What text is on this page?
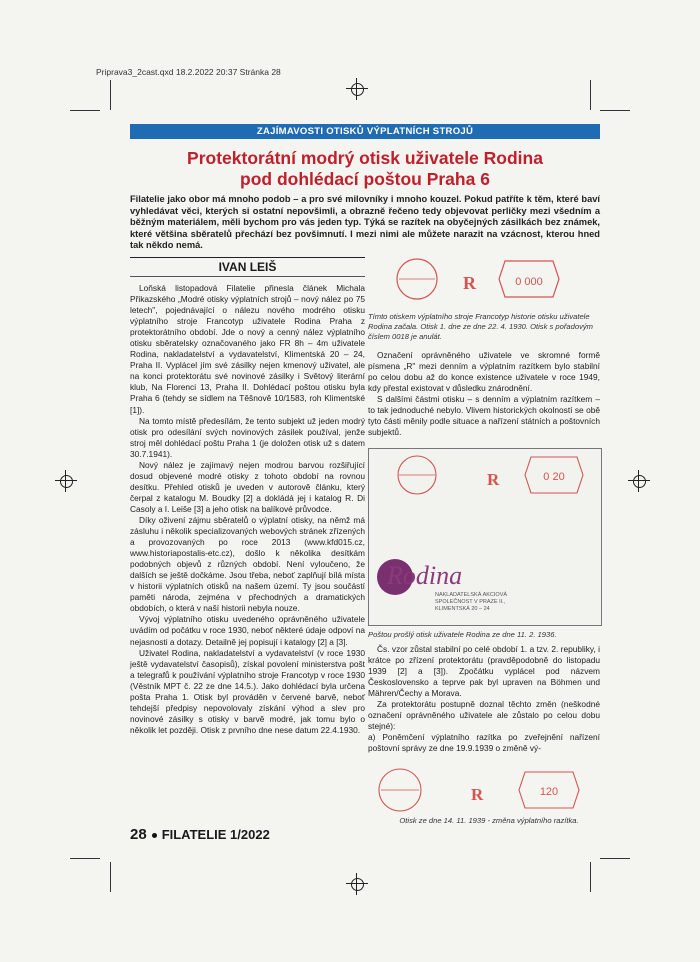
Priprava3_2cast.qxd 18.2.2022 20:37 Stránka 28
ZAJÍMAVOSTI OTISKŮ VÝPLATNÍCH STROJŮ
Protektorátní modrý otisk uživatele Rodina
pod dohlédací poštou Praha 6
Filatelie jako obor má mnoho podob – a pro své milovníky i mnoho kouzel. Pokud patříte k těm, které baví vyhledávat věci, kterých si ostatní nepovšimli, a obrazně řečeno tedy objevovat perličky mezi všedním a běžným materiálem, měli bychom pro vás jeden typ. Týká se razítek na obyčejných zásilkách bez známek, které většina sběratelů přechází bez povšimnutí. I mezi nimi ale můžete narazit na vzácnost, kterou hned tak někdo nemá.
IVAN LEIŠ

Loňská listopadová Filatelie přinesla článek Michala Přikazského „Modré otisky výplatních strojů – nový nález po 75 letech", pojednávající o nálezu nového modrého otisku výplatního stroje Francotyp uživatele Rodina Praha z protektorátního období. Jde o nový a cenný nález výplatního otisku sběratelsky označovaného jako FR 8h – 4m uživatele Rodina, nakladatelství a vydavatelství, Klimentská 20 – 24, Praha II. Vyplácel jím své zásilky nejen kmenový uživatel, ale na konci protektorátu své novinové zásilky i Světový literární klub, Na Florenci 13, Praha II. Dohlédací poštou otisku byla Praha 6 (tehdy se sídlem na Těšnově 10/1583, roh Klimentské [1]).

Na tomto místě předesílám, že tento subjekt už jeden modrý otisk pro odesílání svých novinových zásilek používal, jenže stroj měl dohlédací poštu Praha 1 (je doložen otisk už s datem 30.7.1941).

Nový nález je zajímavý nejen modrou barvou rozšiřující dosud objevené modré otisky z tohoto období na rovnou desítku. Přehled otisků je uveden v autorově článku, který čerpal z katalogu M. Boudky [2] a dokládá jej i katalog R. Di Casoly a I. Leiše [3] a jeho otisk na balíkové průvodce.

Díky oživení zájmu sběratelů o výplatní otisky, na němž má zásluhu i několik specializovaných webových stránek zřízených a provozovaných po roce 2013 (www.kfd015.cz, www.historiapostalis-etc.cz), došlo k několika desítkám podobných objevů z různých období. Není vyloučeno, že dalších se ještě dočkáme. Jsou třeba, neboť zaplňují bílá místa v historii výplatních otisků na našem území. Ty jsou součástí paměti národa, zejména v přechodných a dramatických obdobích, o která v naší historii nebyla nouze.

Vývoj výplatního otisku uvedeného oprávněného uživatele uvádím od počátku v roce 1930, neboť některé údaje odpoví na nejasnosti a dotazy. Detailně jej popisují i katalogy [2] a [3].

Uživatel Rodina, nakladatelství a vydavatelství (v roce 1930 ještě vydavatelství časopisů), získal povolení ministerstva pošt a telegrafů k používání výplatního stroje Francotyp v roce 1930 (Věstník MPT č. 22 ze dne 14.5.). Jako dohlédací byla určena pošta Praha 1. Otisk byl prováděn v červené barvě, neboť tehdejší předpisy nepovolovaly získání výhod a slev pro novinové zásilky s otisky v barvě modré, jak tomu bylo o několik let později. Otisk z prvního dne nese datum 22.4.1930.

R	0 000
Tímto otiskem výplatního stroje Francotyp historie otisku uživatele Rodina začala. Otisk 1. dne ze dne 22. 4. 1930. Otisk s pořadovým číslem 0018 je anulát.

Označení oprávněného uživatele ve skromné formě písmena „R" mezi denním a výplatním razítkem bylo stabilní po celou dobu až do konce existence uživatele v roce 1949, kdy přestal existovat v důsledku znárodnění.

S dalšími částmi otisku – s denním a výplatním razítkem – to tak jednoduché nebylo. Vlivem historických okolností se obě tyto části měnily podle situace a nařízení státních a poštovních subjektů.

R	0 20
Rodina
NAKLADATELSKÁ AKCIOVÁ
SPOLEČNOST V PRAZE II.,
KLIMENTSKÁ 20 – 24
Poštou prošlý otisk uživatele Rodina ze dne 11. 2. 1936.

Čs. vzor zůstal stabilní po celé období 1. a tzv. 2. republiky, i krátce po zřízení protektorátu (pravděpodobně do listopadu 1939 [2] a [3]). Zpočátku vyplácel pod názvem Československo a teprve pak byl upraven na Böhmen und Mähren/Čechy a Morava.

Za protektorátu postupně doznal těchto změn (neškodné označení oprávněného uživatele ale zůstalo po celou dobu stejné):

a) Poněmčení výplatního razítka po zveřejnění nařízení poštovní správy ze dne 19.9.1939 o změně vý-

R	120
Otisk ze dne 14. 11. 1939 - změna výplatního razítka.
28 FILATELIE 1/2022
